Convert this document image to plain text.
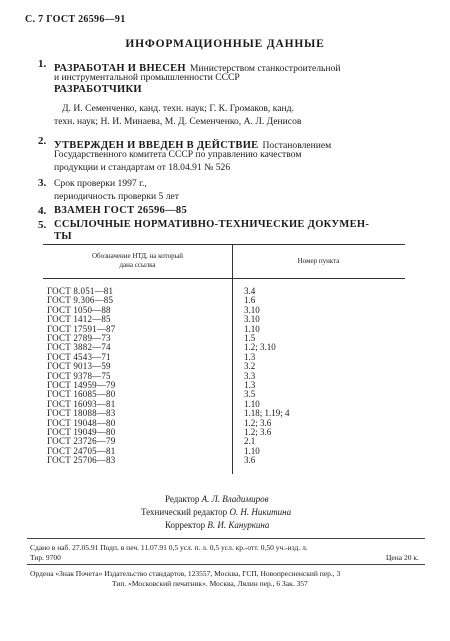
С. 7 ГОСТ 26596—91
ИНФОРМАЦИОННЫЕ ДАННЫЕ
1. РАЗРАБОТАН И ВНЕСЕН Министерством станкостроительной
и инструментальной промышленности СССР
РАЗРАБОТЧИКИ
Д. И. Семенченко, канд. техн. наук; Г. К. Громаков, канд.
техн. наук; Н. И. Минаева, М. Д. Семенченко, А. Л. Денисов
2. УТВЕРЖДЕН И ВВЕДЕН В ДЕЙСТВИЕ Постановлением
Государственного комитета СССР по управлению качеством
продукции и стандартам от 18.04.91 № 526
3. Срок проверки 1997 г.,
периодичность проверки 5 лет
4. ВЗАМЕН ГОСТ 26596—85
5. ССЫЛОЧНЫЕ НОРМАТИВНО-ТЕХНИЧЕСКИЕ ДОКУМЕН-
ТЫ
Обозначение НТД, на который
дана ссылка	Номер пункта
ГОСТ 8.051—81	3.4
ГОСТ 9.306—85	1.6
ГОСТ 1050—88	3.10
ГОСТ 1412—85	3.10
ГОСТ 17591—87	1.10
ГОСТ 2789—73	1.5
ГОСТ 3882—74	1.2; 3.10
ГОСТ 4543—71	1.3
ГОСТ 9013—59	3.2
ГОСТ 9378—75	3.3
ГОСТ 14959—79	1.3
ГОСТ 16085—80	3.5
ГОСТ 16093—81	1.10
ГОСТ 18088—83	1.18; 1.19; 4
ГОСТ 19048—80	1.2; 3.6
ГОСТ 19049—80	1.2; 3.6
ГОСТ 23726—79	2.1
ГОСТ 24705—81	1.10
ГОСТ 25706—83	3.6
Редактор А. Л. Владимиров
Технический редактор О. Н. Никитина
Корректор В. И. Кануркина
Сдано в наб. 27.05.91 Подп. в печ. 11.07.91 0,5 усл. п. л. 0,5 усл. кр.-отт. 0,50 уч.-изд. л.
Тир. 9700	Цена 20 к.
Ордена «Знак Почета» Издательство стандартов, 123557, Москва, ГСП, Новопресненский пер., 3
Тип. «Московский печатник». Москва, Лялин пер., 6 Зак. 357
